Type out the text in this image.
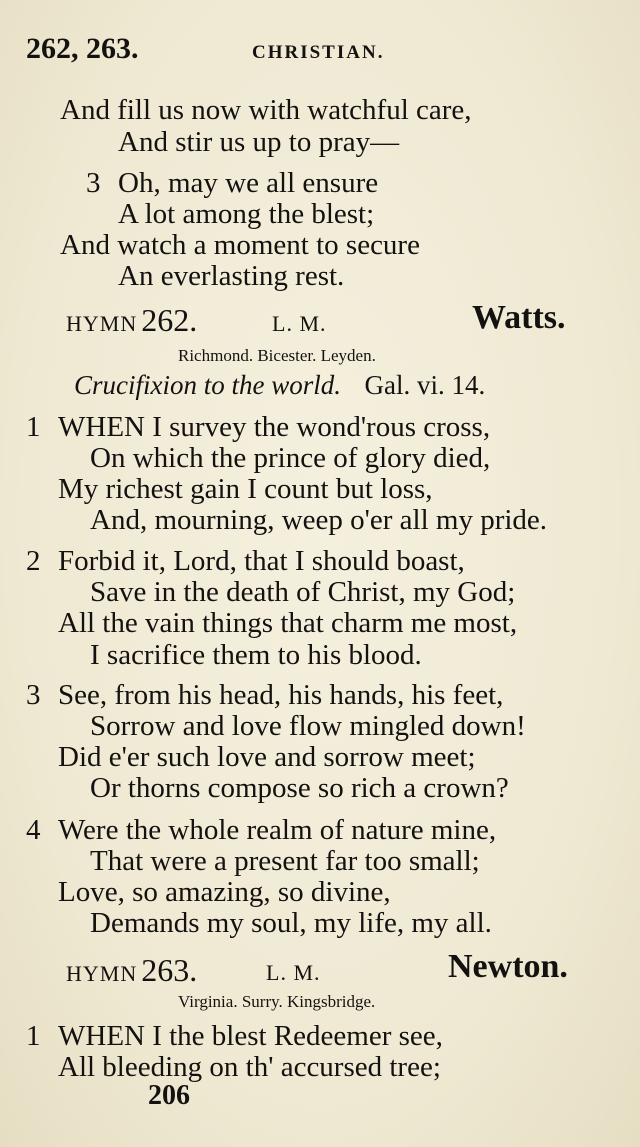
262, 263.	CHRISTIAN.
And fill us now with watchful care,
And stir us up to pray—
3 Oh, may we all ensure
A lot among the blest;
And watch a moment to secure
An everlasting rest.
HYMN 262.	L. M.	Watts.
Richmond. Bicester. Leyden.
Crucifixion to the world. Gal. vi. 14.
1 WHEN I survey the wond'rous cross,
On which the prince of glory died,
My richest gain I count but loss,
And, mourning, weep o'er all my pride.
2 Forbid it, Lord, that I should boast,
Save in the death of Christ, my God;
All the vain things that charm me most,
I sacrifice them to his blood.
3 See, from his head, his hands, his feet,
Sorrow and love flow mingled down!
Did e'er such love and sorrow meet;
Or thorns compose so rich a crown?
4 Were the whole realm of nature mine,
That were a present far too small;
Love, so amazing, so divine,
Demands my soul, my life, my all.
HYMN 263.	L. M.	Newton.
Virginia. Surry. Kingsbridge.
1 WHEN I the blest Redeemer see,
All bleeding on th' accursed tree;
206
